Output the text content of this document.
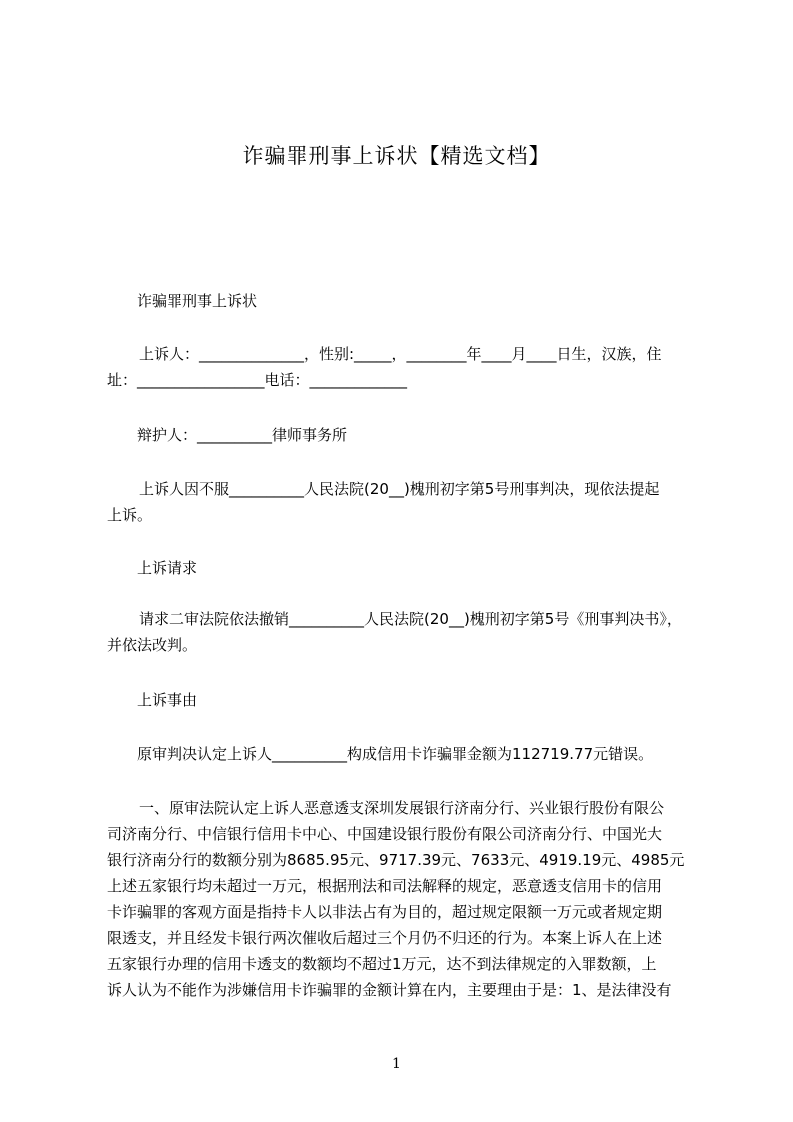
诈骗罪刑事上诉状【精选文档】
诈骗罪刑事上诉状
上诉人：______________，性别:_____，________年____月____日生，汉族，住
址：_________________电话：_____________
辩护人：__________律师事务所
上诉人因不服__________人民法院(20__)槐刑初字第5号刑事判决，现依法提起
上诉。
上诉请求
请求二审法院依法撤销__________人民法院(20__)槐刑初字第5号《刑事判决书》，
并依法改判。
上诉事由
原审判决认定上诉人__________构成信用卡诈骗罪金额为112719.77元错误。
一、原审法院认定上诉人恶意透支深圳发展银行济南分行、兴业银行股份有限公
司济南分行、中信银行信用卡中心、中国建设银行股份有限公司济南分行、中国光大
银行济南分行的数额分别为8685.95元、9717.39元、7633元、4919.19元、4985元
上述五家银行均未超过一万元，根据刑法和司法解释的规定，恶意透支信用卡的信用
卡诈骗罪的客观方面是指持卡人以非法占有为目的，超过规定限额一万元或者规定期
限透支，并且经发卡银行两次催收后超过三个月仍不归还的行为。本案上诉人在上述
五家银行办理的信用卡透支的数额均不超过1万元，达不到法律规定的入罪数额，上
诉人认为不能作为涉嫌信用卡诈骗罪的金额计算在内，主要理由于是：1、是法律没有
1
